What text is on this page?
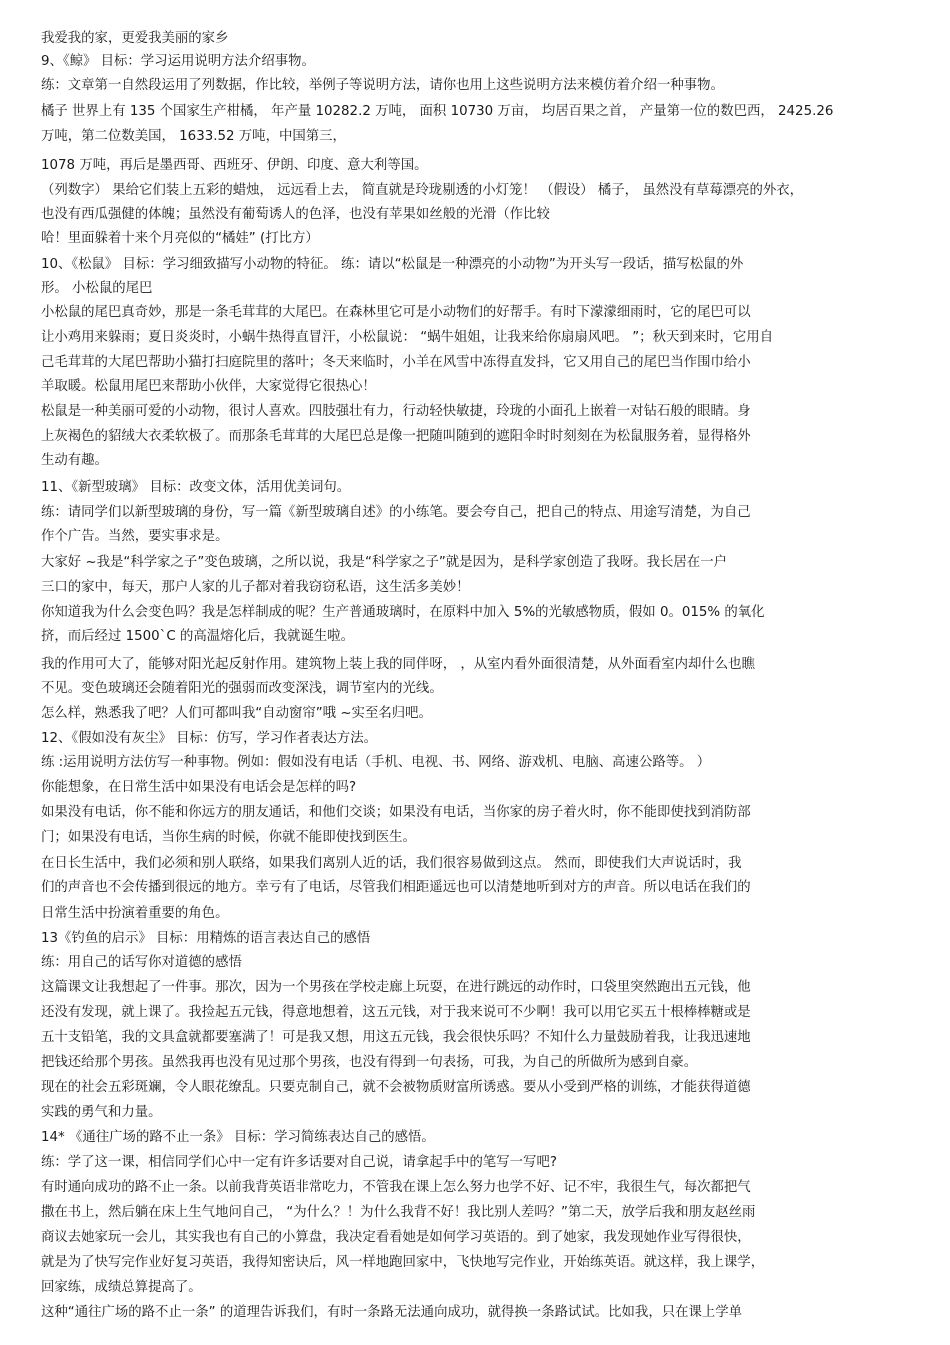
我爱我的家，更爱我美丽的家乡
9、《鲸》 目标：学习运用说明方法介绍事物。
练：文章第一自然段运用了列数据，作比较，举例子等说明方法，请你也用上这些说明方法来模仿着介绍一种事物。
橘子 世界上有 135 个国家生产柑橘， 年产量 10282.2 万吨， 面积 10730 万亩， 均居百果之首， 产量第一位的数巴西， 2425.26
万吨，第二位数美国， 1633.52 万吨，中国第三，
1078 万吨，再后是墨西哥、西班牙、伊朗、印度、意大利等国。
（列数字） 果给它们装上五彩的蜡烛， 远远看上去， 简直就是玲珑剔透的小灯笼！ （假设） 橘子， 虽然没有草莓漂亮的外衣，
也没有西瓜强健的体魄；虽然没有葡萄诱人的色泽，也没有苹果如丝般的光滑（作比较
哈！里面躲着十来个月亮似的“橘娃” (打比方）
10、《松鼠》 目标：学习细致描写小动物的特征。 练：请以“松鼠是一种漂亮的小动物”为开头写一段话，描写松鼠的外
形。 小松鼠的尾巴
小松鼠的尾巴真奇妙，那是一条毛茸茸的大尾巴。在森林里它可是小动物们的好帮手。有时下濛濛细雨时，它的尾巴可以
让小鸡用来躲雨；夏日炎炎时，小蜗牛热得直冒汗，小松鼠说： “蜗牛姐姐，让我来给你扇扇风吧。 ”；秋天到来时，它用自
己毛茸茸的大尾巴帮助小猫打扫庭院里的落叶；冬天来临时，小羊在风雪中冻得直发抖，它又用自己的尾巴当作围巾给小
羊取暖。松鼠用尾巴来帮助小伙伴，大家觉得它很热心！
松鼠是一种美丽可爱的小动物，很讨人喜欢。四肢强壮有力，行动轻快敏捷，玲珑的小面孔上嵌着一对钻石般的眼睛。身
上灰褐色的貂绒大衣柔软极了。而那条毛茸茸的大尾巴总是像一把随叫随到的遮阳伞时时刻刻在为松鼠服务着，显得格外
生动有趣。
11、《新型玻璃》 目标：改变文体，活用优美词句。
练：请同学们以新型玻璃的身份，写一篇《新型玻璃自述》的小练笔。要会夸自己，把自己的特点、用途写清楚，为自己
作个广告。当然，要实事求是。
大家好 ~我是“科学家之子”变色玻璃，之所以说，我是“科学家之子”就是因为，是科学家创造了我呀。我长居在一户
三口的家中，每天，那户人家的儿子都对着我窃窃私语，这生活多美妙！
你知道我为什么会变色吗？我是怎样制成的呢？生产普通玻璃时，在原料中加入 5%的光敏感物质，假如 0。015% 的氧化
挤，而后经过 1500`C 的高温熔化后，我就诞生啦。
我的作用可大了，能够对阳光起反射作用。建筑物上装上我的同伴呀， ，从室内看外面很清楚，从外面看室内却什么也瞧
不见。变色玻璃还会随着阳光的强弱而改变深浅，调节室内的光线。
怎么样，熟悉我了吧？人们可都叫我“自动窗帘”哦 ~实至名归吧。
12、《假如没有灰尘》 目标：仿写，学习作者表达方法。
练 :运用说明方法仿写一种事物。例如：假如没有电话（手机、电视、书、网络、游戏机、电脑、高速公路等。 ）
你能想象，在日常生活中如果没有电话会是怎样的吗?
如果没有电话，你不能和你远方的朋友通话，和他们交谈；如果没有电话，当你家的房子着火时，你不能即使找到消防部
门；如果没有电话，当你生病的时候，你就不能即使找到医生。
在日长生活中，我们必须和别人联络，如果我们离别人近的话，我们很容易做到这点。 然而，即使我们大声说话时，我
们的声音也不会传播到很远的地方。幸亏有了电话，尽管我们相距遥远也可以清楚地听到对方的声音。所以电话在我们的
日常生活中扮演着重要的角色。
13《钓鱼的启示》 目标：用精炼的语言表达自己的感悟
练：用自己的话写你对道德的感悟
这篇课文让我想起了一件事。那次，因为一个男孩在学校走廊上玩耍，在进行跳远的动作时，口袋里突然跑出五元钱，他
还没有发现，就上课了。我捡起五元钱，得意地想着，这五元钱，对于我来说可不少啊！我可以用它买五十根棒棒糖或是
五十支铅笔，我的文具盒就都要塞满了！可是我又想，用这五元钱，我会很快乐吗？不知什么力量鼓励着我，让我迅速地
把钱还给那个男孩。虽然我再也没有见过那个男孩，也没有得到一句表扬，可我，为自己的所做所为感到自豪。
现在的社会五彩斑斓，令人眼花缭乱。只要克制自己，就不会被物质财富所诱惑。要从小受到严格的训练，才能获得道德
实践的勇气和力量。
14* 《通往广场的路不止一条》 目标：学习简练表达自己的感悟。
练：学了这一课，相信同学们心中一定有许多话要对自己说，请拿起手中的笔写一写吧?
有时通向成功的路不止一条。以前我背英语非常吃力，不管我在课上怎么努力也学不好、记不牢，我很生气，每次都把气
撒在书上，然后躺在床上生气地问自己， “为什么？！为什么我背不好！我比别人差吗？”第二天，放学后我和朋友赵丝雨
商议去她家玩一会儿，其实我也有自己的小算盘，我决定看看她是如何学习英语的。到了她家，我发现她作业写得很快，
就是为了快写完作业好复习英语，我得知密诀后，风一样地跑回家中，飞快地写完作业，开始练英语。就这样，我上课学，
回家练，成绩总算提高了。
这种“通往广场的路不止一条” 的道理告诉我们，有时一条路无法通向成功，就得换一条路试试。比如我，只在课上学单
